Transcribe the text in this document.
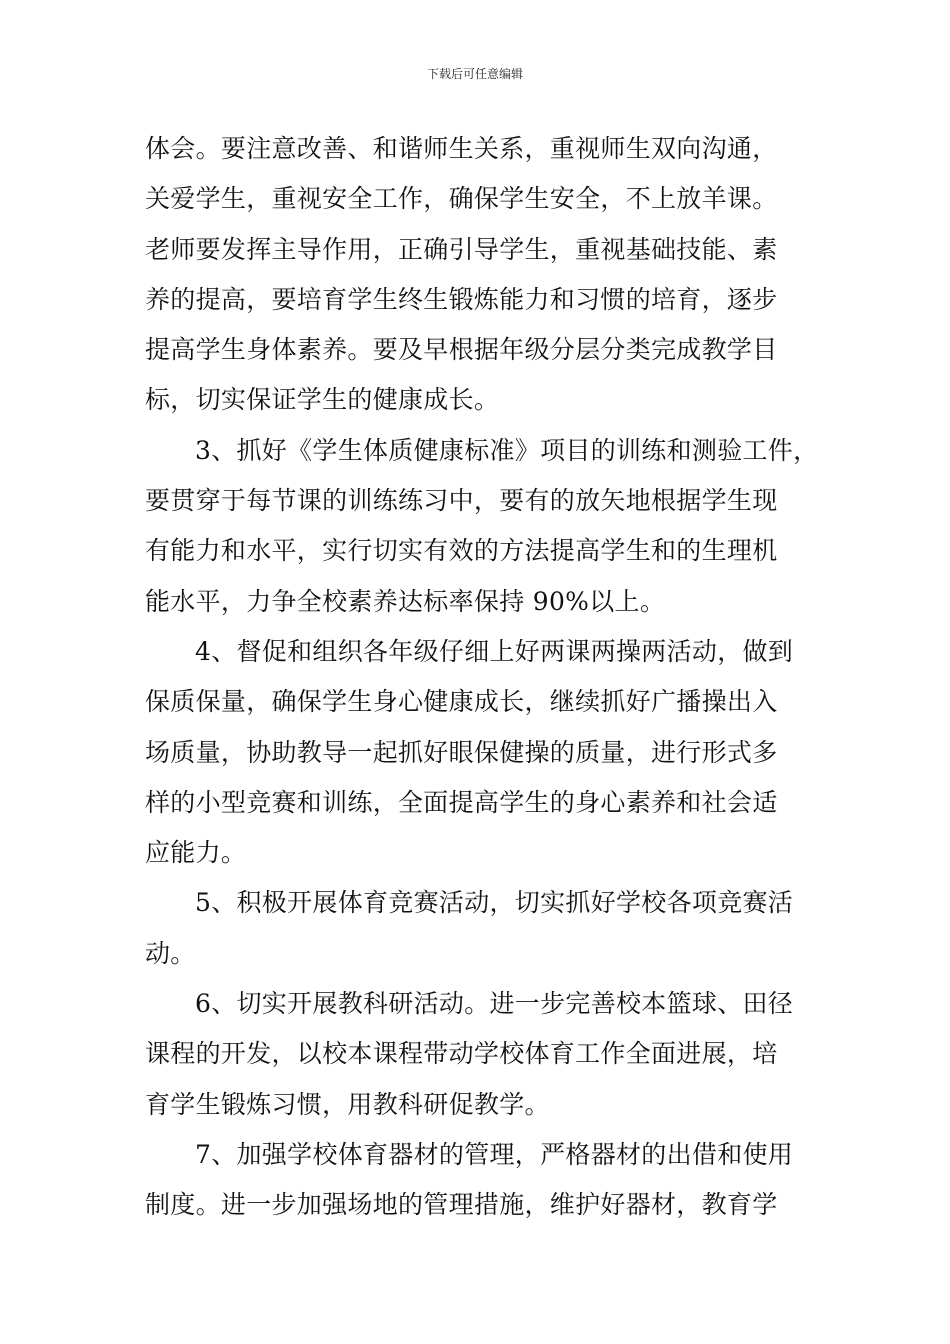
下载后可任意编辑
体会。要注意改善、和谐师生关系，重视师生双向沟通，
关爱学生，重视安全工作，确保学生安全，不上放羊课。
老师要发挥主导作用，正确引导学生，重视基础技能、素
养的提高，要培育学生终生锻炼能力和习惯的培育，逐步
提高学生身体素养。要及早根据年级分层分类完成教学目
标，切实保证学生的健康成长。
3、抓好《学生体质健康标准》项目的训练和测验工件，
要贯穿于每节课的训练练习中，要有的放矢地根据学生现
有能力和水平，实行切实有效的方法提高学生和的生理机
能水平，力争全校素养达标率保持 90%以上。
4、督促和组织各年级仔细上好两课两操两活动，做到
保质保量，确保学生身心健康成长，继续抓好广播操出入
场质量，协助教导一起抓好眼保健操的质量，进行形式多
样的小型竞赛和训练，全面提高学生的身心素养和社会适
应能力。
5、积极开展体育竞赛活动，切实抓好学校各项竞赛活
动。
6、切实开展教科研活动。进一步完善校本篮球、田径
课程的开发，以校本课程带动学校体育工作全面进展，培
育学生锻炼习惯，用教科研促教学。
7、加强学校体育器材的管理，严格器材的出借和使用
制度。进一步加强场地的管理措施，维护好器材，教育学
